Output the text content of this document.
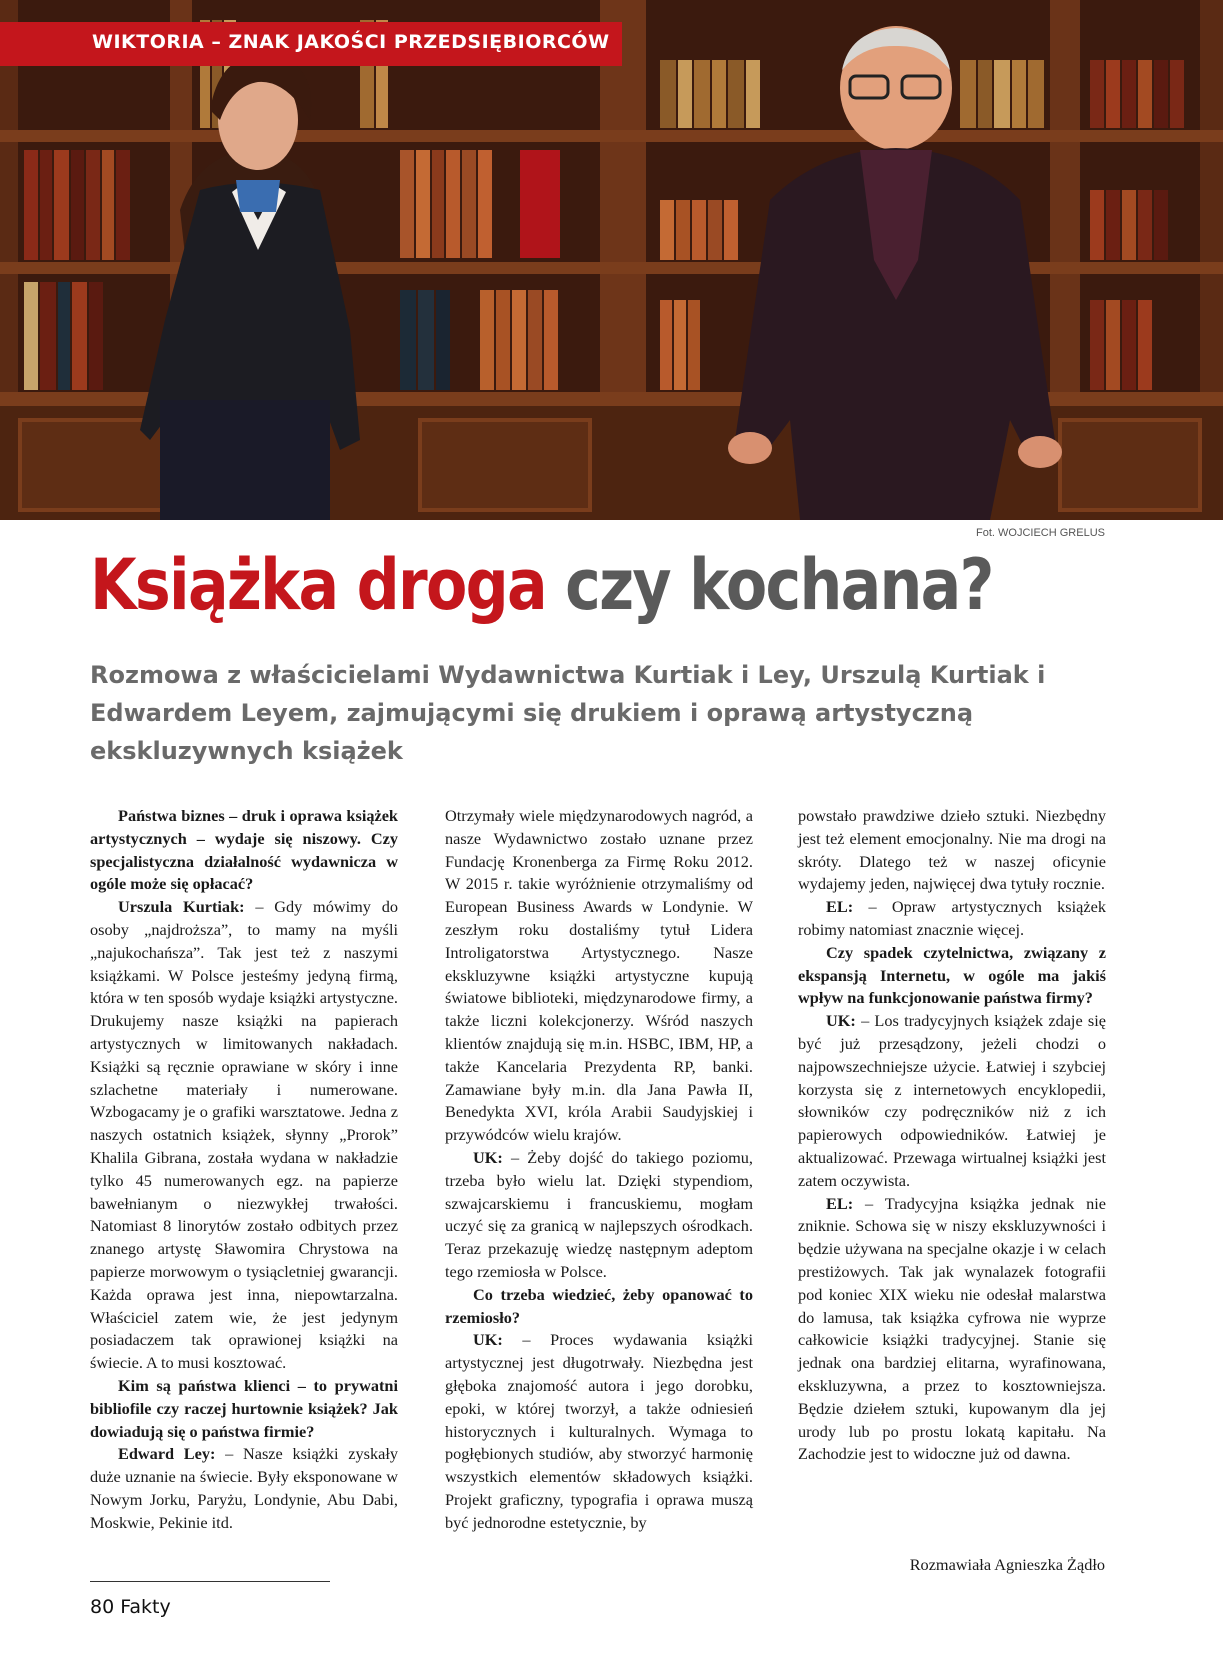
WIKTORIA – ZNAK JAKOŚCI PRZEDSIĘBIORCÓW
Fot. WOJCIECH GRELUS
Książka droga czy kochana?
Rozmowa z właścicielami Wydawnictwa Kurtiak i Ley, Urszulą Kurtiak i Edwardem Leyem, zajmującymi się drukiem i oprawą artystyczną ekskluzywnych książek

Państwa biznes – druk i oprawa książek artystycznych – wydaje się niszowy. Czy specjalistyczna działalność wydawnicza w ogóle może się opłacać?

Urszula Kurtiak: – Gdy mówimy do osoby „najdroższa”, to mamy na myśli „najukochańsza”. Tak jest też z naszymi książkami. W Polsce jesteśmy jedyną firmą, która w ten sposób wydaje książki artystyczne. Drukujemy nasze książki na papierach artystycznych w limitowanych nakładach. Książki są ręcznie oprawiane w skóry i inne szlachetne materiały i numerowane. Wzbogacamy je o grafiki warsztatowe. Jedna z naszych ostatnich książek, słynny „Prorok” Khalila Gibrana, została wydana w nakładzie tylko 45 numerowanych egz. na papierze bawełnianym o niezwykłej trwałości. Natomiast 8 linorytów zostało odbitych przez znanego artystę Sławomira Chrystowa na papierze morwowym o tysiącletniej gwarancji. Każda oprawa jest inna, niepowtarzalna. Właściciel zatem wie, że jest jedynym posiadaczem tak oprawionej książki na świecie. A to musi kosztować.

Kim są państwa klienci – to prywatni bibliofile czy raczej hurtownie książek? Jak dowiadują się o państwa firmie?

Edward Ley: – Nasze książki zyskały duże uznanie na świecie. Były eksponowane w Nowym Jorku, Paryżu, Londynie, Abu Dabi, Moskwie, Pekinie itd.

Otrzymały wiele międzynarodowych nagród, a nasze Wydawnictwo zostało uznane przez Fundację Kronenberga za Firmę Roku 2012. W 2015 r. takie wyróżnienie otrzymaliśmy od European Business Awards w Londynie. W zeszłym roku dostaliśmy tytuł Lidera Introligatorstwa Artystycznego. Nasze ekskluzywne książki artystyczne kupują światowe biblioteki, międzynarodowe firmy, a także liczni kolekcjonerzy. Wśród naszych klientów znajdują się m.in. HSBC, IBM, HP, a także Kancelaria Prezydenta RP, banki. Zamawiane były m.in. dla Jana Pawła II, Benedykta XVI, króla Arabii Saudyjskiej i przywódców wielu krajów.

UK: – Żeby dojść do takiego poziomu, trzeba było wielu lat. Dzięki stypendiom, szwajcarskiemu i francuskiemu, mogłam uczyć się za granicą w najlepszych ośrodkach. Teraz przekazuję wiedzę następnym adeptom tego rzemiosła w Polsce.

Co trzeba wiedzieć, żeby opanować to rzemiosło?

UK: – Proces wydawania książki artystycznej jest długotrwały. Niezbędna jest głęboka znajomość autora i jego dorobku, epoki, w której tworzył, a także odniesień historycznych i kulturalnych. Wymaga to pogłębionych studiów, aby stworzyć harmonię wszystkich elementów składowych książki. Projekt graficzny, typografia i oprawa muszą być jednorodne estetycznie, by

powstało prawdziwe dzieło sztuki. Niezbędny jest też element emocjonalny. Nie ma drogi na skróty. Dlatego też w naszej oficynie wydajemy jeden, najwięcej dwa tytuły rocznie.

EL: – Opraw artystycznych książek robimy natomiast znacznie więcej.

Czy spadek czytelnictwa, związany z ekspansją Internetu, w ogóle ma jakiś wpływ na funkcjonowanie państwa firmy?

UK: – Los tradycyjnych książek zdaje się być już przesądzony, jeżeli chodzi o najpowszechniejsze użycie. Łatwiej i szybciej korzysta się z internetowych encyklopedii, słowników czy podręczników niż z ich papierowych odpowiedników. Łatwiej je aktualizować. Przewaga wirtualnej książki jest zatem oczywista.

EL: – Tradycyjna książka jednak nie zniknie. Schowa się w niszy ekskluzywności i będzie używana na specjalne okazje i w celach prestiżowych. Tak jak wynalazek fotografii pod koniec XIX wieku nie odesłał malarstwa do lamusa, tak książka cyfrowa nie wyprze całkowicie książki tradycyjnej. Stanie się jednak ona bardziej elitarna, wyrafinowana, ekskluzywna, a przez to kosztowniejsza. Będzie dziełem sztuki, kupowanym dla jej urody lub po prostu lokatą kapitału. Na Zachodzie jest to widoczne już od dawna.

Rozmawiała Agnieszka Żądło
80 Fakty
